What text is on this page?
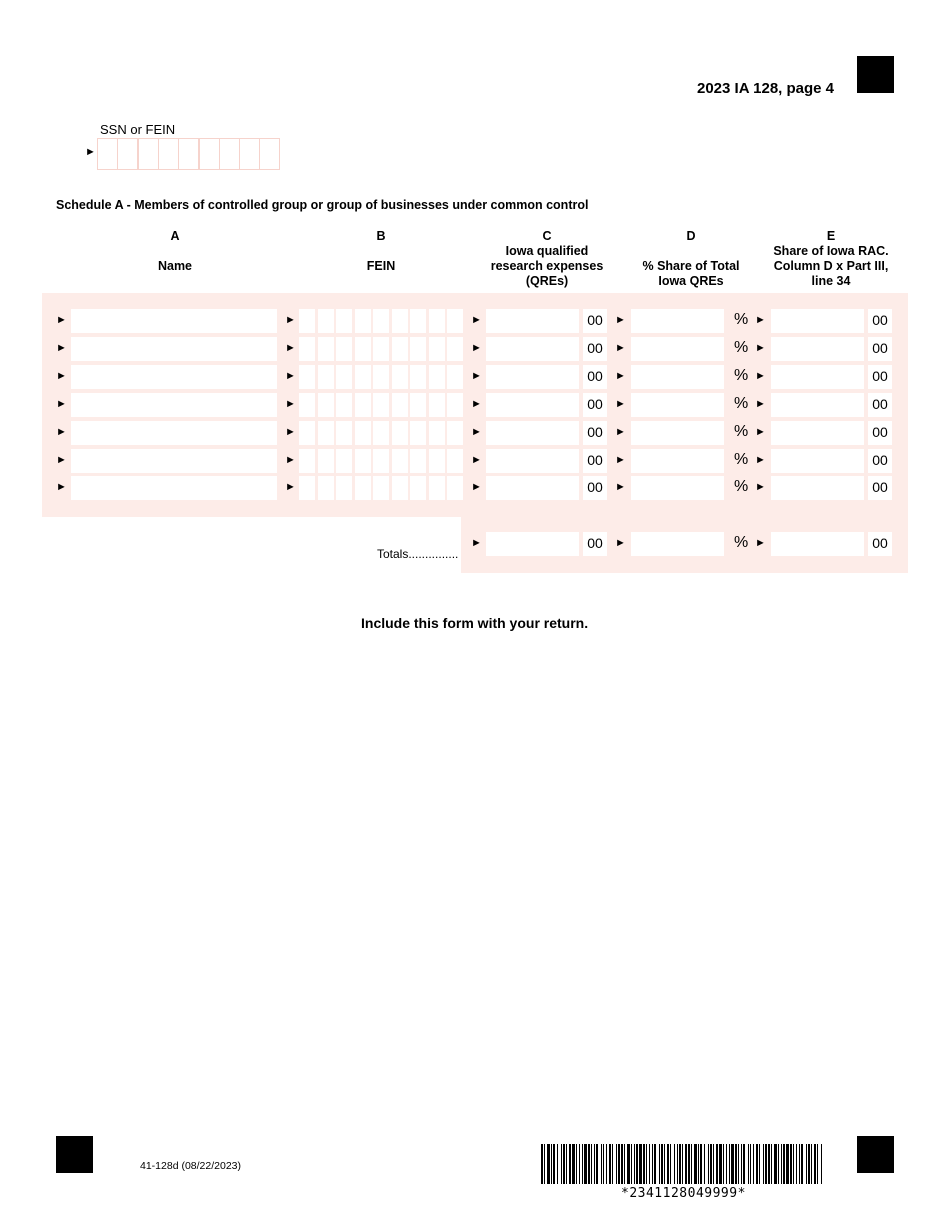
2023 IA 128, page 4
SSN or FEIN
►
Schedule A - Members of controlled group or group of businesses under common control
A
Name
B
FEIN
C
Iowa qualified research expenses (QREs)
D
% Share of Total Iowa QREs
E
Share of Iowa RAC. Column D x Part III, line 34
►	►	►	00	►	% ►	00
►	►	►	00	►	% ►	00
►	►	►	00	►	% ►	00
►	►	►	00	►	% ►	00
►	►	►	00	►	% ►	00
►	►	►	00	►	% ►	00
►	►	►	00	►	% ►	00
Totals...............
►	00	►	% ►	00
Include this form with your return.
41-128d (08/22/2023)
*2341128049999*
